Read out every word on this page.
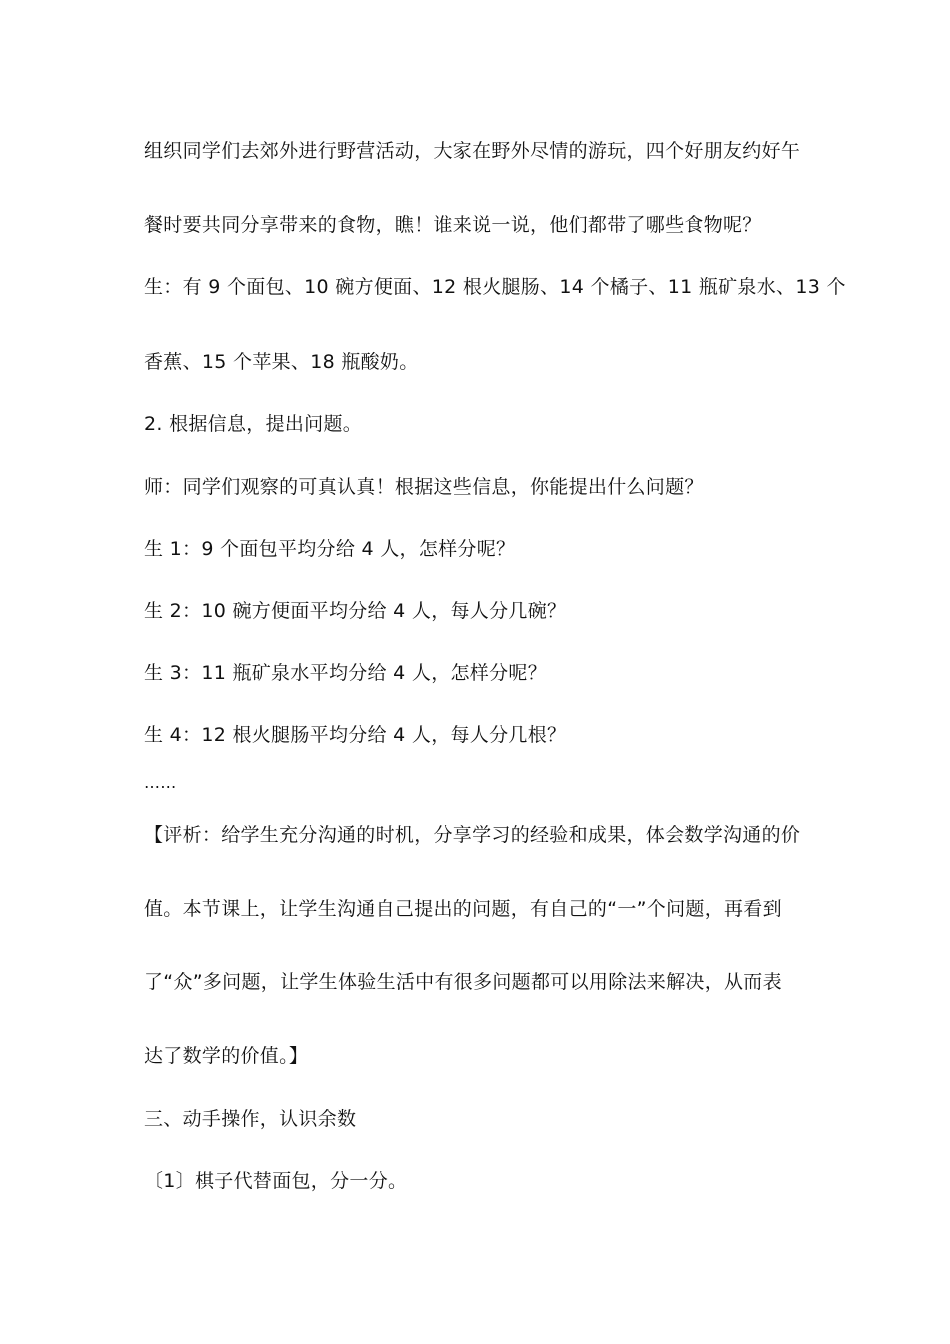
组织同学们去郊外进行野营活动，大家在野外尽情的游玩，四个好朋友约好午
餐时要共同分享带来的食物，瞧！谁来说一说，他们都带了哪些食物呢？
生：有 9 个面包、10 碗方便面、12 根火腿肠、14 个橘子、11 瓶矿泉水、13 个
香蕉、15 个苹果、18 瓶酸奶。
2. 根据信息，提出问题。
师：同学们观察的可真认真！根据这些信息，你能提出什么问题？
生 1：9 个面包平均分给 4 人，怎样分呢？
生 2：10 碗方便面平均分给 4 人，每人分几碗？
生 3：11 瓶矿泉水平均分给 4 人，怎样分呢？
生 4：12 根火腿肠平均分给 4 人，每人分几根？
……
【评析：给学生充分沟通的时机，分享学习的经验和成果，体会数学沟通的价
值。本节课上，让学生沟通自己提出的问题，有自己的“一”个问题，再看到
了“众”多问题，让学生体验生活中有很多问题都可以用除法来解决，从而表
达了数学的价值。】
三、动手操作，认识余数
〔1〕棋子代替面包，分一分。
